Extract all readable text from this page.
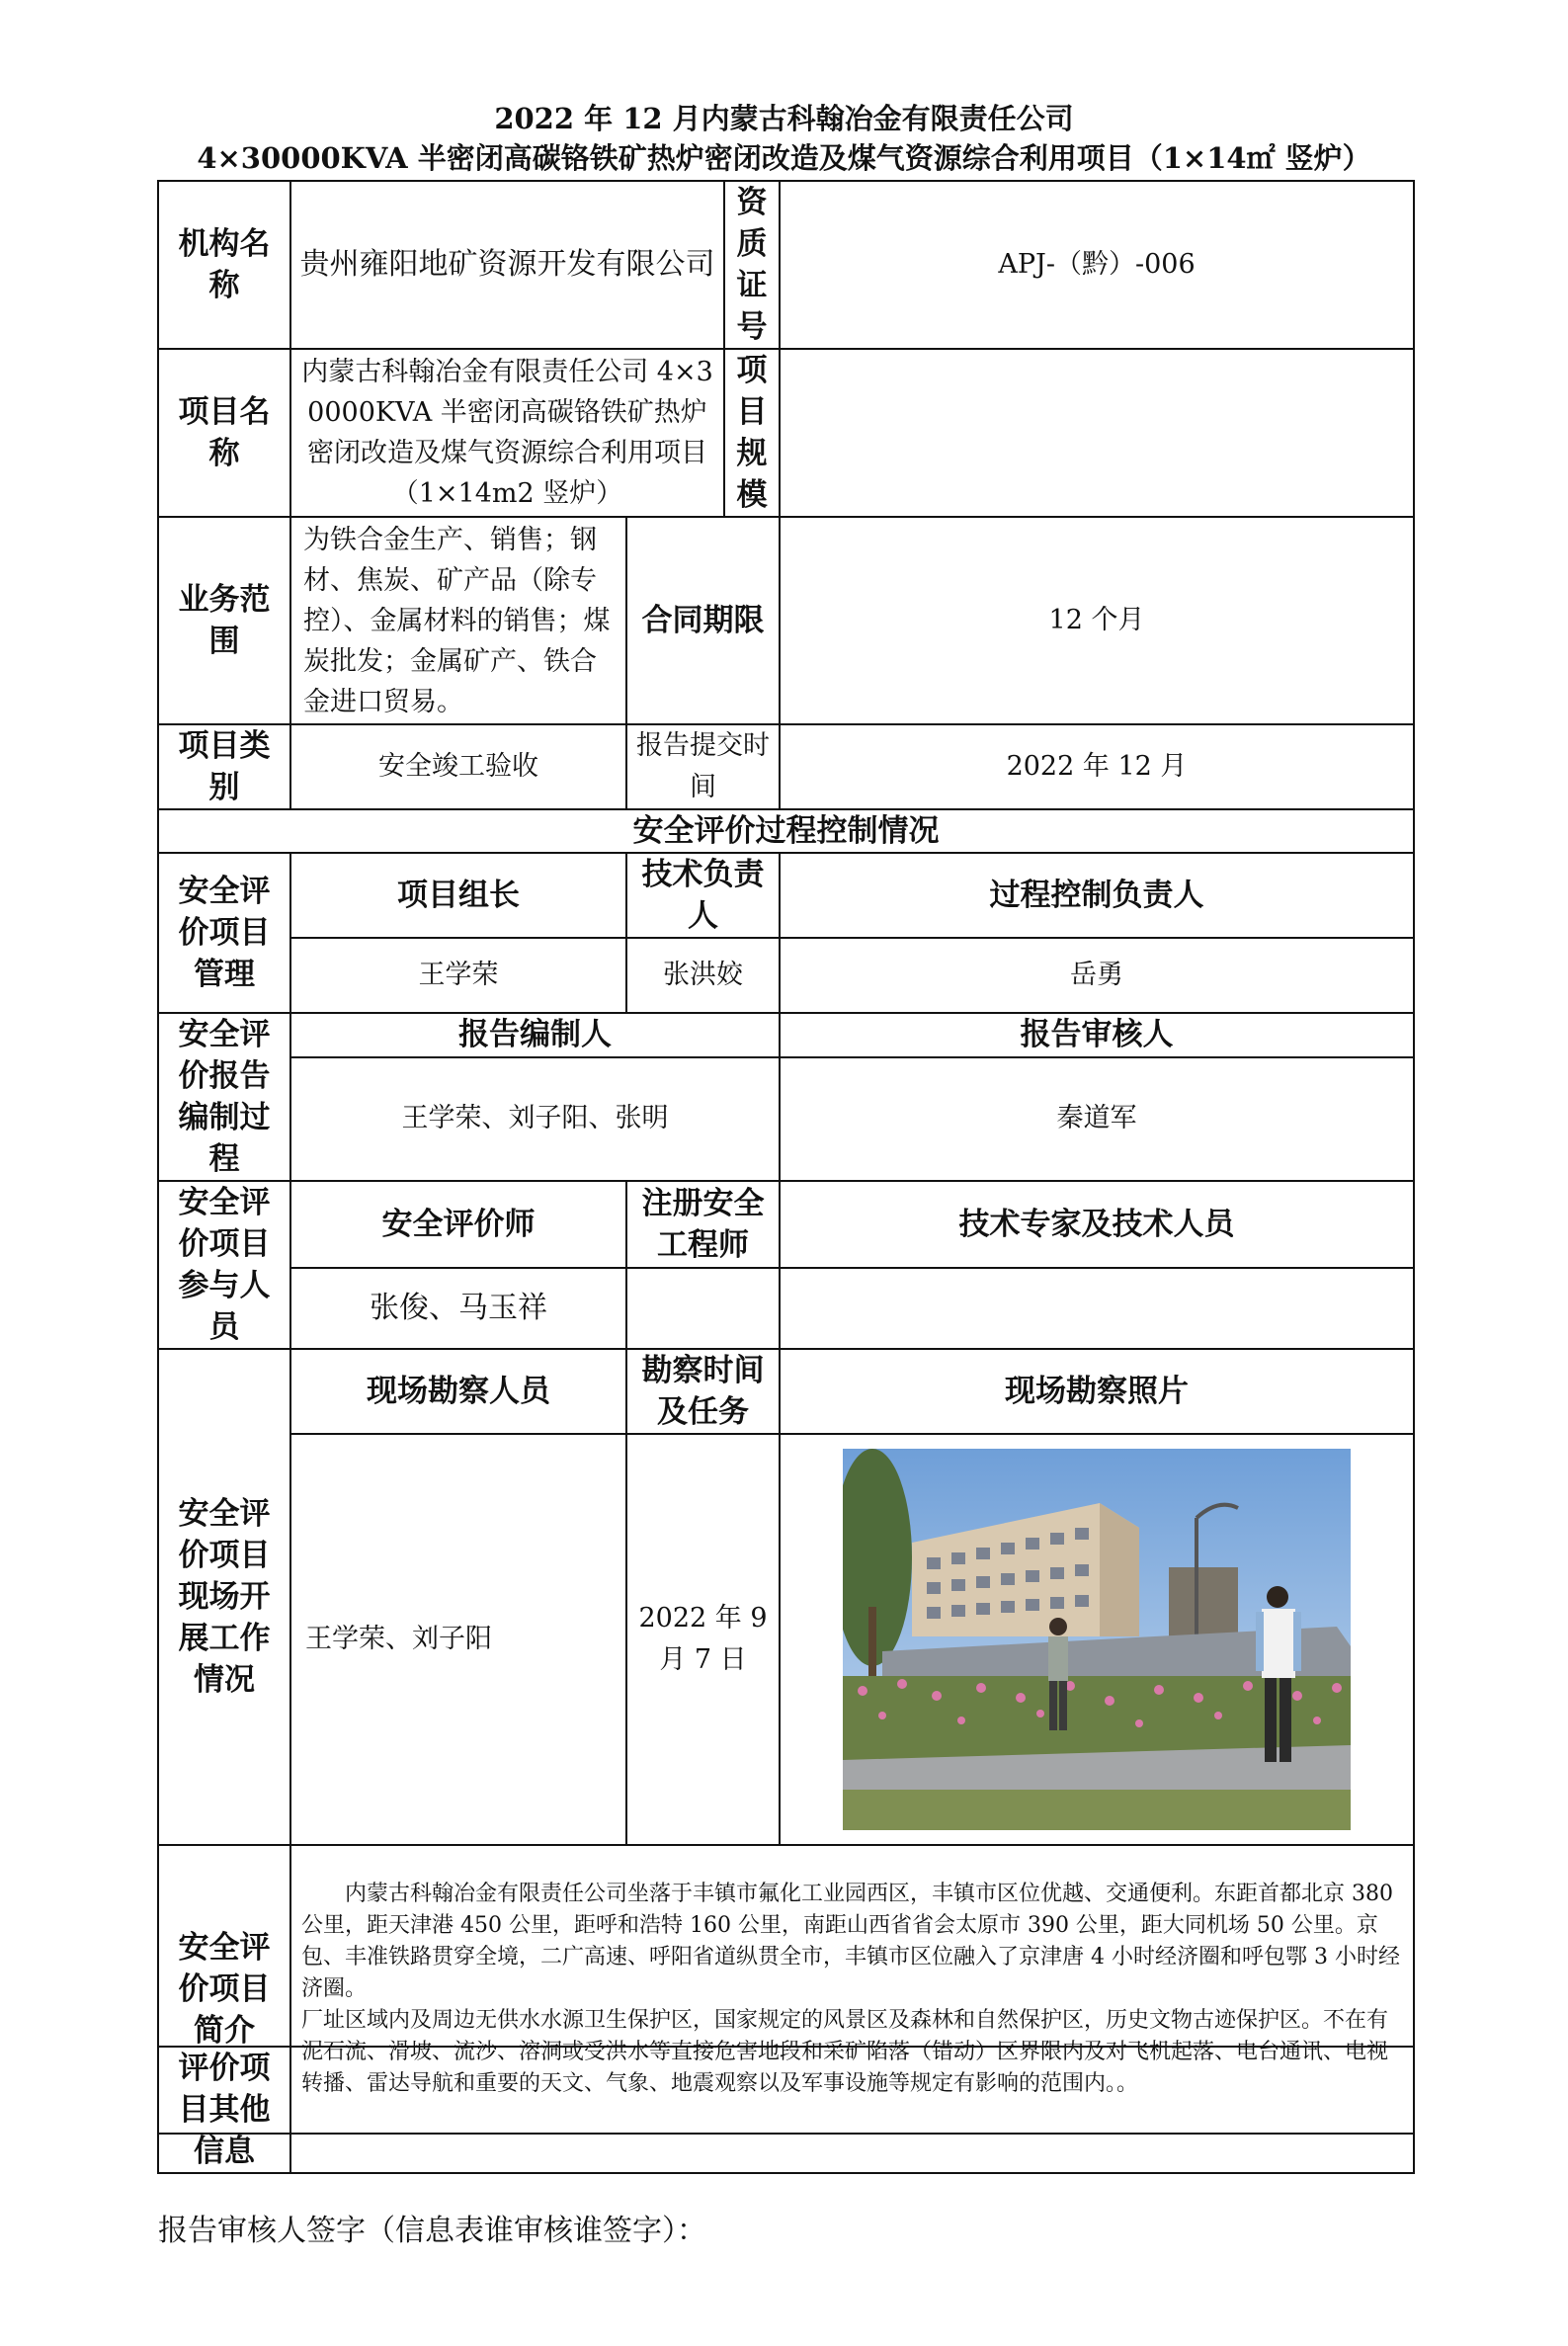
2022 年 12 月内蒙古科翰冶金有限责任公司
4×30000KVA 半密闭高碳铬铁矿热炉密闭改造及煤气资源综合利用项目（1×14㎡ 竖炉）
机构名称	贵州雍阳地矿资源开发有限公司		资质证号	APJ-（黔）-006
项目名称	内蒙古科翰冶金有限责任公司 4×30000KVA 半密闭高碳铬铁矿热炉密闭改造及煤气资源综合利用项目（1×14m2 竖炉）		项目规模	
业务范围	为铁合金生产、销售；钢材、焦炭、矿产品（除专控）、金属材料的销售；煤炭批发；金属矿产、铁合金进口贸易。	合同期限		12 个月
项目类别	安全竣工验收	报告提交时间		2022 年 12 月
安全评价过程控制情况				
安全评价项目管理	项目组长	技术负责人		过程控制负责人
	王学荣	张洪姣		岳勇
安全评价报告编制过程	报告编制人			报告审核人
	王学荣、刘子阳、张明			秦道军
安全评价项目参与人员	安全评价师	注册安全工程师		技术专家及技术人员
	张俊、马玉祥			
安全评价项目现场开展工作情况	现场勘察人员	勘察时间及任务		现场勘察照片
	王学荣、刘子阳	2022 年 9 月 7 日	

安全评价项目简介	内蒙古科翰冶金有限责任公司坐落于丰镇市氟化工业园西区，丰镇市区位优越、交通便利。东距首都北京 380 公里，距天津港 450 公里，距呼和浩特 160 公里，南距山西省省会太原市 390 公里，距大同机场 50 公里。京包、丰准铁路贯穿全境，二广高速、呼阳省道纵贯全市，丰镇市区位融入了京津唐 4 小时经济圈和呼包鄂 3 小时经济圈。

厂址区域内及周边无供水水源卫生保护区，国家规定的风景区及森林和自然保护区，历史文物古迹保护区。不在有泥石流、滑坡、流沙、溶洞或受洪水等直接危害地段和采矿陷落（错动）区界限内及对飞机起落、电台通讯、电视转播、雷达导航和重要的天文、气象、地震观察以及军事设施等规定有影响的范围内。。			

评价项目其他信息	
报告审核人签字（信息表谁审核谁签字）：
